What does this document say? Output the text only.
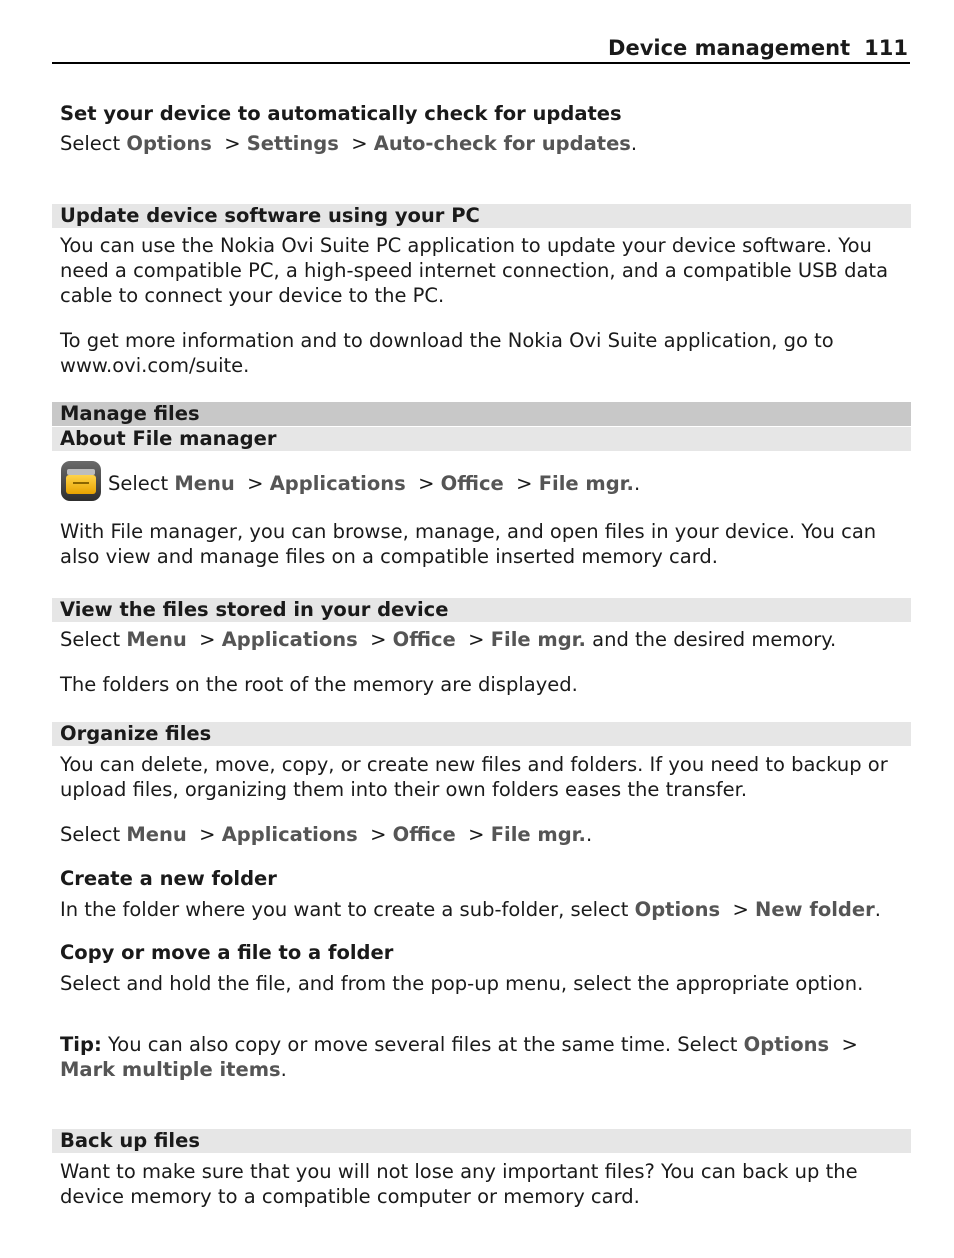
Device management 111

Set your device to automatically check for updates

Select Options  > Settings  > Auto-check for updates.

Update device software using your PC

You can use the Nokia Ovi Suite PC application to update your device software. You need a compatible PC, a high-speed internet connection, and a compatible USB data cable to connect your device to the PC.

To get more information and to download the Nokia Ovi Suite application, go to www.ovi.com/suite.

Manage files
About File manager

Select Menu  > Applications  > Office  > File mgr..

With File manager, you can browse, manage, and open files in your device. You can also view and manage files on a compatible inserted memory card.

View the files stored in your device

Select Menu  > Applications  > Office  > File mgr. and the desired memory.

The folders on the root of the memory are displayed.

Organize files

You can delete, move, copy, or create new files and folders. If you need to backup or upload files, organizing them into their own folders eases the transfer.

Select Menu  > Applications  > Office  > File mgr..

Create a new folder

In the folder where you want to create a sub-folder, select Options  > New folder.

Copy or move a file to a folder

Select and hold the file, and from the pop-up menu, select the appropriate option.

Tip: You can also copy or move several files at the same time. Select Options  > Mark multiple items.

Back up files

Want to make sure that you will not lose any important files? You can back up the device memory to a compatible computer or memory card.
